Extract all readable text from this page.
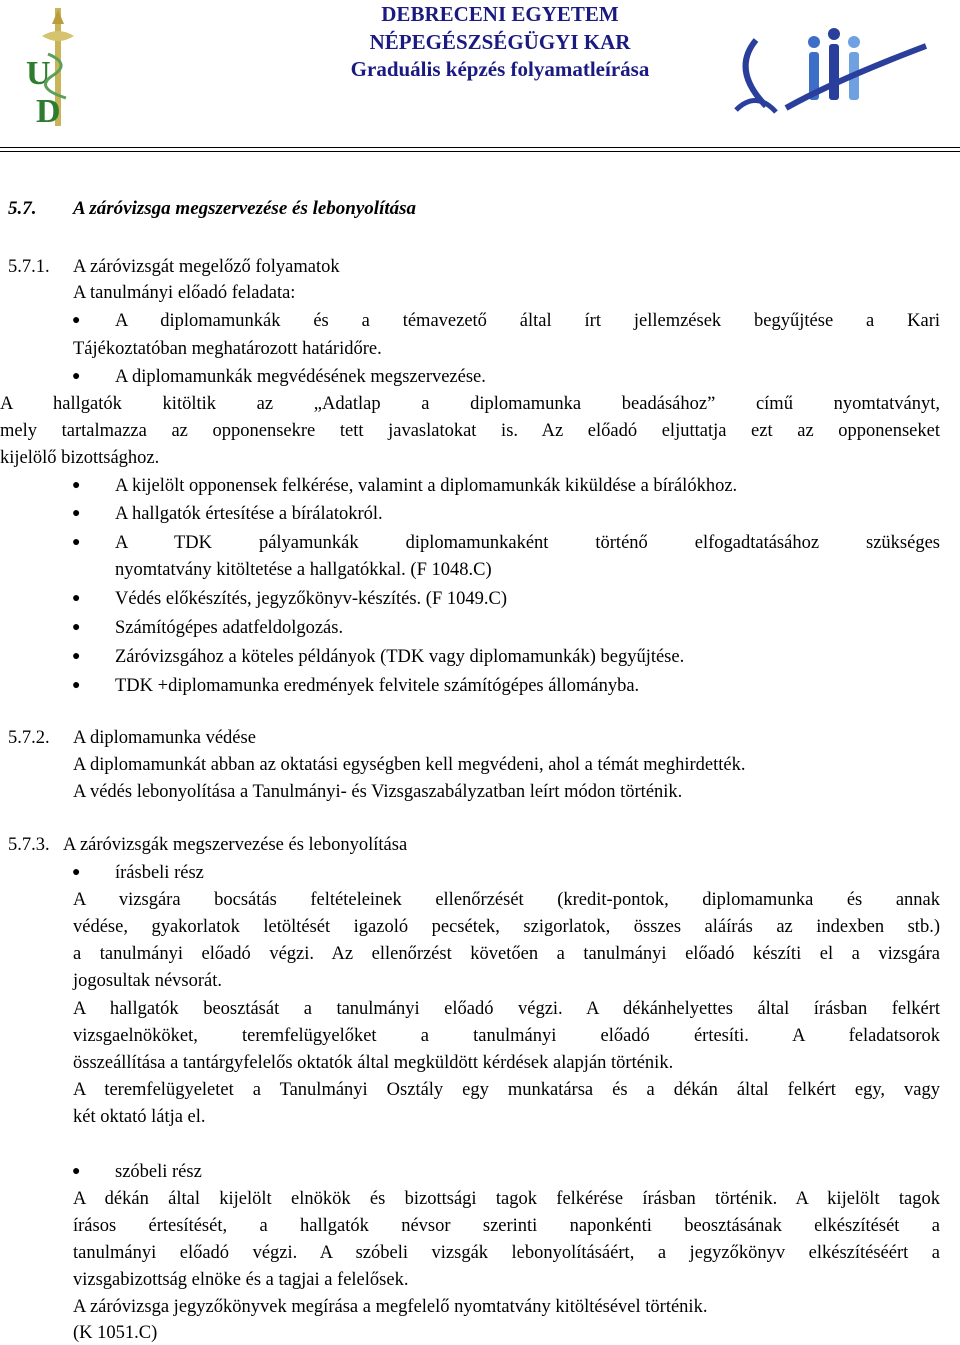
U
D
DEBRECENI EGYETEM
NÉPEGÉSZSÉGÜGYI KAR
Graduális képzés folyamatleírása
5.7. A záróvizsga megszervezése és lebonyolítása
5.7.1. A záróvizsgát megelőző folyamatok
A tanulmányi előadó feladata:
● A diplomamunkák és a témavezető által írt jellemzések begyűjtése a Kari
Tájékoztatóban meghatározott határidőre.
● A diplomamunkák megvédésének megszervezése.
A hallgatók kitöltik az „Adatlap a diplomamunka beadásához” című nyomtatványt,
mely tartalmazza az opponensekre tett javaslatokat is. Az előadó eljuttatja ezt az opponenseket
kijelölő bizottsághoz.
● A kijelölt opponensek felkérése, valamint a diplomamunkák kiküldése a bírálókhoz.
● A hallgatók értesítése a bírálatokról.
● A TDK pályamunkák diplomamunkaként történő elfogadtatásához szükséges
nyomtatvány kitöltetése a hallgatókkal. (F 1048.C)
● Védés előkészítés, jegyzőkönyv-készítés. (F 1049.C)
● Számítógépes adatfeldolgozás.
● Záróvizsgához a köteles példányok (TDK vagy diplomamunkák) begyűjtése.
● TDK +diplomamunka eredmények felvitele számítógépes állományba.
5.7.2. A diplomamunka védése
A diplomamunkát abban az oktatási egységben kell megvédeni, ahol a témát meghirdették.
A védés lebonyolítása a Tanulmányi- és Vizsgaszabályzatban leírt módon történik.
5.7.3. A záróvizsgák megszervezése és lebonyolítása
● írásbeli rész
A vizsgára bocsátás feltételeinek ellenőrzését (kredit-pontok, diplomamunka és annak
védése, gyakorlatok letöltését igazoló pecsétek, szigorlatok, összes aláírás az indexben stb.)
a tanulmányi előadó végzi. Az ellenőrzést követően a tanulmányi előadó készíti el a vizsgára
jogosultak névsorát.
A hallgatók beosztását a tanulmányi előadó végzi. A dékánhelyettes által írásban felkért
vizsgaelnököket, teremfelügyelőket a tanulmányi előadó értesíti. A feladatsorok
összeállítása a tantárgyfelelős oktatók által megküldött kérdések alapján történik.
A teremfelügyeletet a Tanulmányi Osztály egy munkatársa és a dékán által felkért egy, vagy
két oktató látja el.
● szóbeli rész
A dékán által kijelölt elnökök és bizottsági tagok felkérése írásban történik. A kijelölt tagok
írásos értesítését, a hallgatók névsor szerinti naponkénti beosztásának elkészítését a
tanulmányi előadó végzi. A szóbeli vizsgák lebonyolításáért, a jegyzőkönyv elkészítéséért a
vizsgabizottság elnöke és a tagjai a felelősek.
A záróvizsga jegyzőkönyvek megírása a megfelelő nyomtatvány kitöltésével történik.
(K 1051.C)
